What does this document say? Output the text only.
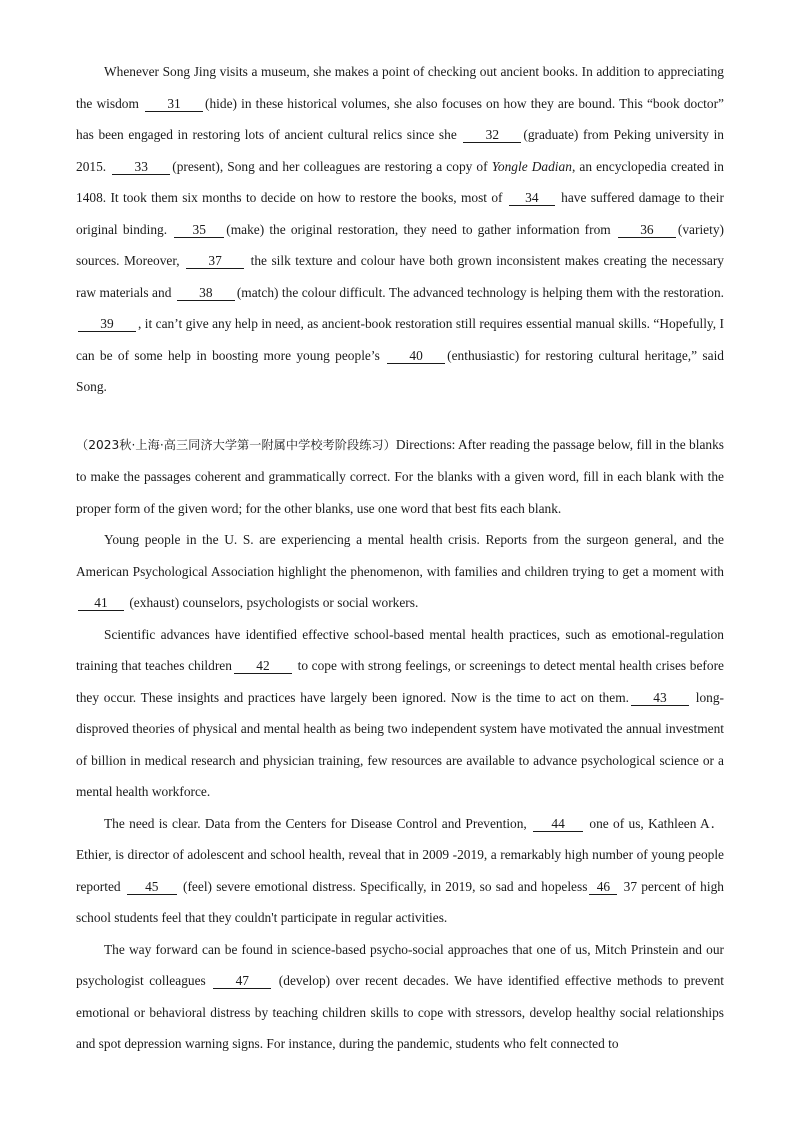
Whenever Song Jing visits a museum, she makes a point of checking out ancient books. In addition to appreciating the wisdom 31 (hide) in these historical volumes, she also focuses on how they are bound. This “book doctor” has been engaged in restoring lots of ancient cultural relics since she 32 (graduate) from Peking university in 2015. 33 (present), Song and her colleagues are restoring a copy of Yongle Dadian, an encyclopedia created in 1408. It took them six months to decide on how to restore the books, most of 34 have suffered damage to their original binding. 35 (make) the original restoration, they need to gather information from 36 (variety) sources. Moreover, 37 the silk texture and colour have both grown inconsistent makes creating the necessary raw materials and 38 (match) the colour difficult. The advanced technology is helping them with the restoration. 39 , it can’t give any help in need, as ancient-book restoration still requires essential manual skills. “Hopefully, I can be of some help in boosting more young people’s 40 (enthusiastic) for restoring cultural heritage,” said Song.

（2023秋·上海·高三同济大学第一附属中学校考阶段练习）Directions: After reading the passage below, fill in the blanks to make the passages coherent and grammatically correct. For the blanks with a given word, fill in each blank with the proper form of the given word; for the other blanks, use one word that best fits each blank.

Young people in the U. S. are experiencing a mental health crisis. Reports from the surgeon general, and the American Psychological Association highlight the phenomenon, with families and children trying to get a moment with 41 (exhaust) counselors, psychologists or social workers.

Scientific advances have identified effective school-based mental health practices, such as emotional-regulation training that teaches children 42 to cope with strong feelings, or screenings to detect mental health crises before they occur. These insights and practices have largely been ignored. Now is the time to act on them. 43 long-disproved theories of physical and mental health as being two independent system have motivated the annual investment of billion in medical research and physician training, few resources are available to advance psychological science or a mental health workforce.

The need is clear. Data from the Centers for Disease Control and Prevention, 44 one of us, Kathleen A．Ethier, is director of adolescent and school health, reveal that in 2009 -2019, a remarkably high number of young people reported 45 (feel) severe emotional distress. Specifically, in 2019, so sad and hopeless 46 37 percent of high school students feel that they couldn't participate in regular activities.

The way forward can be found in science-based psycho-social approaches that one of us, Mitch Prinstein and our psychologist colleagues 47 (develop) over recent decades. We have identified effective methods to prevent emotional or behavioral distress by teaching children skills to cope with stressors, develop healthy social relationships and spot depression warning signs. For instance, during the pandemic, students who felt connected to
